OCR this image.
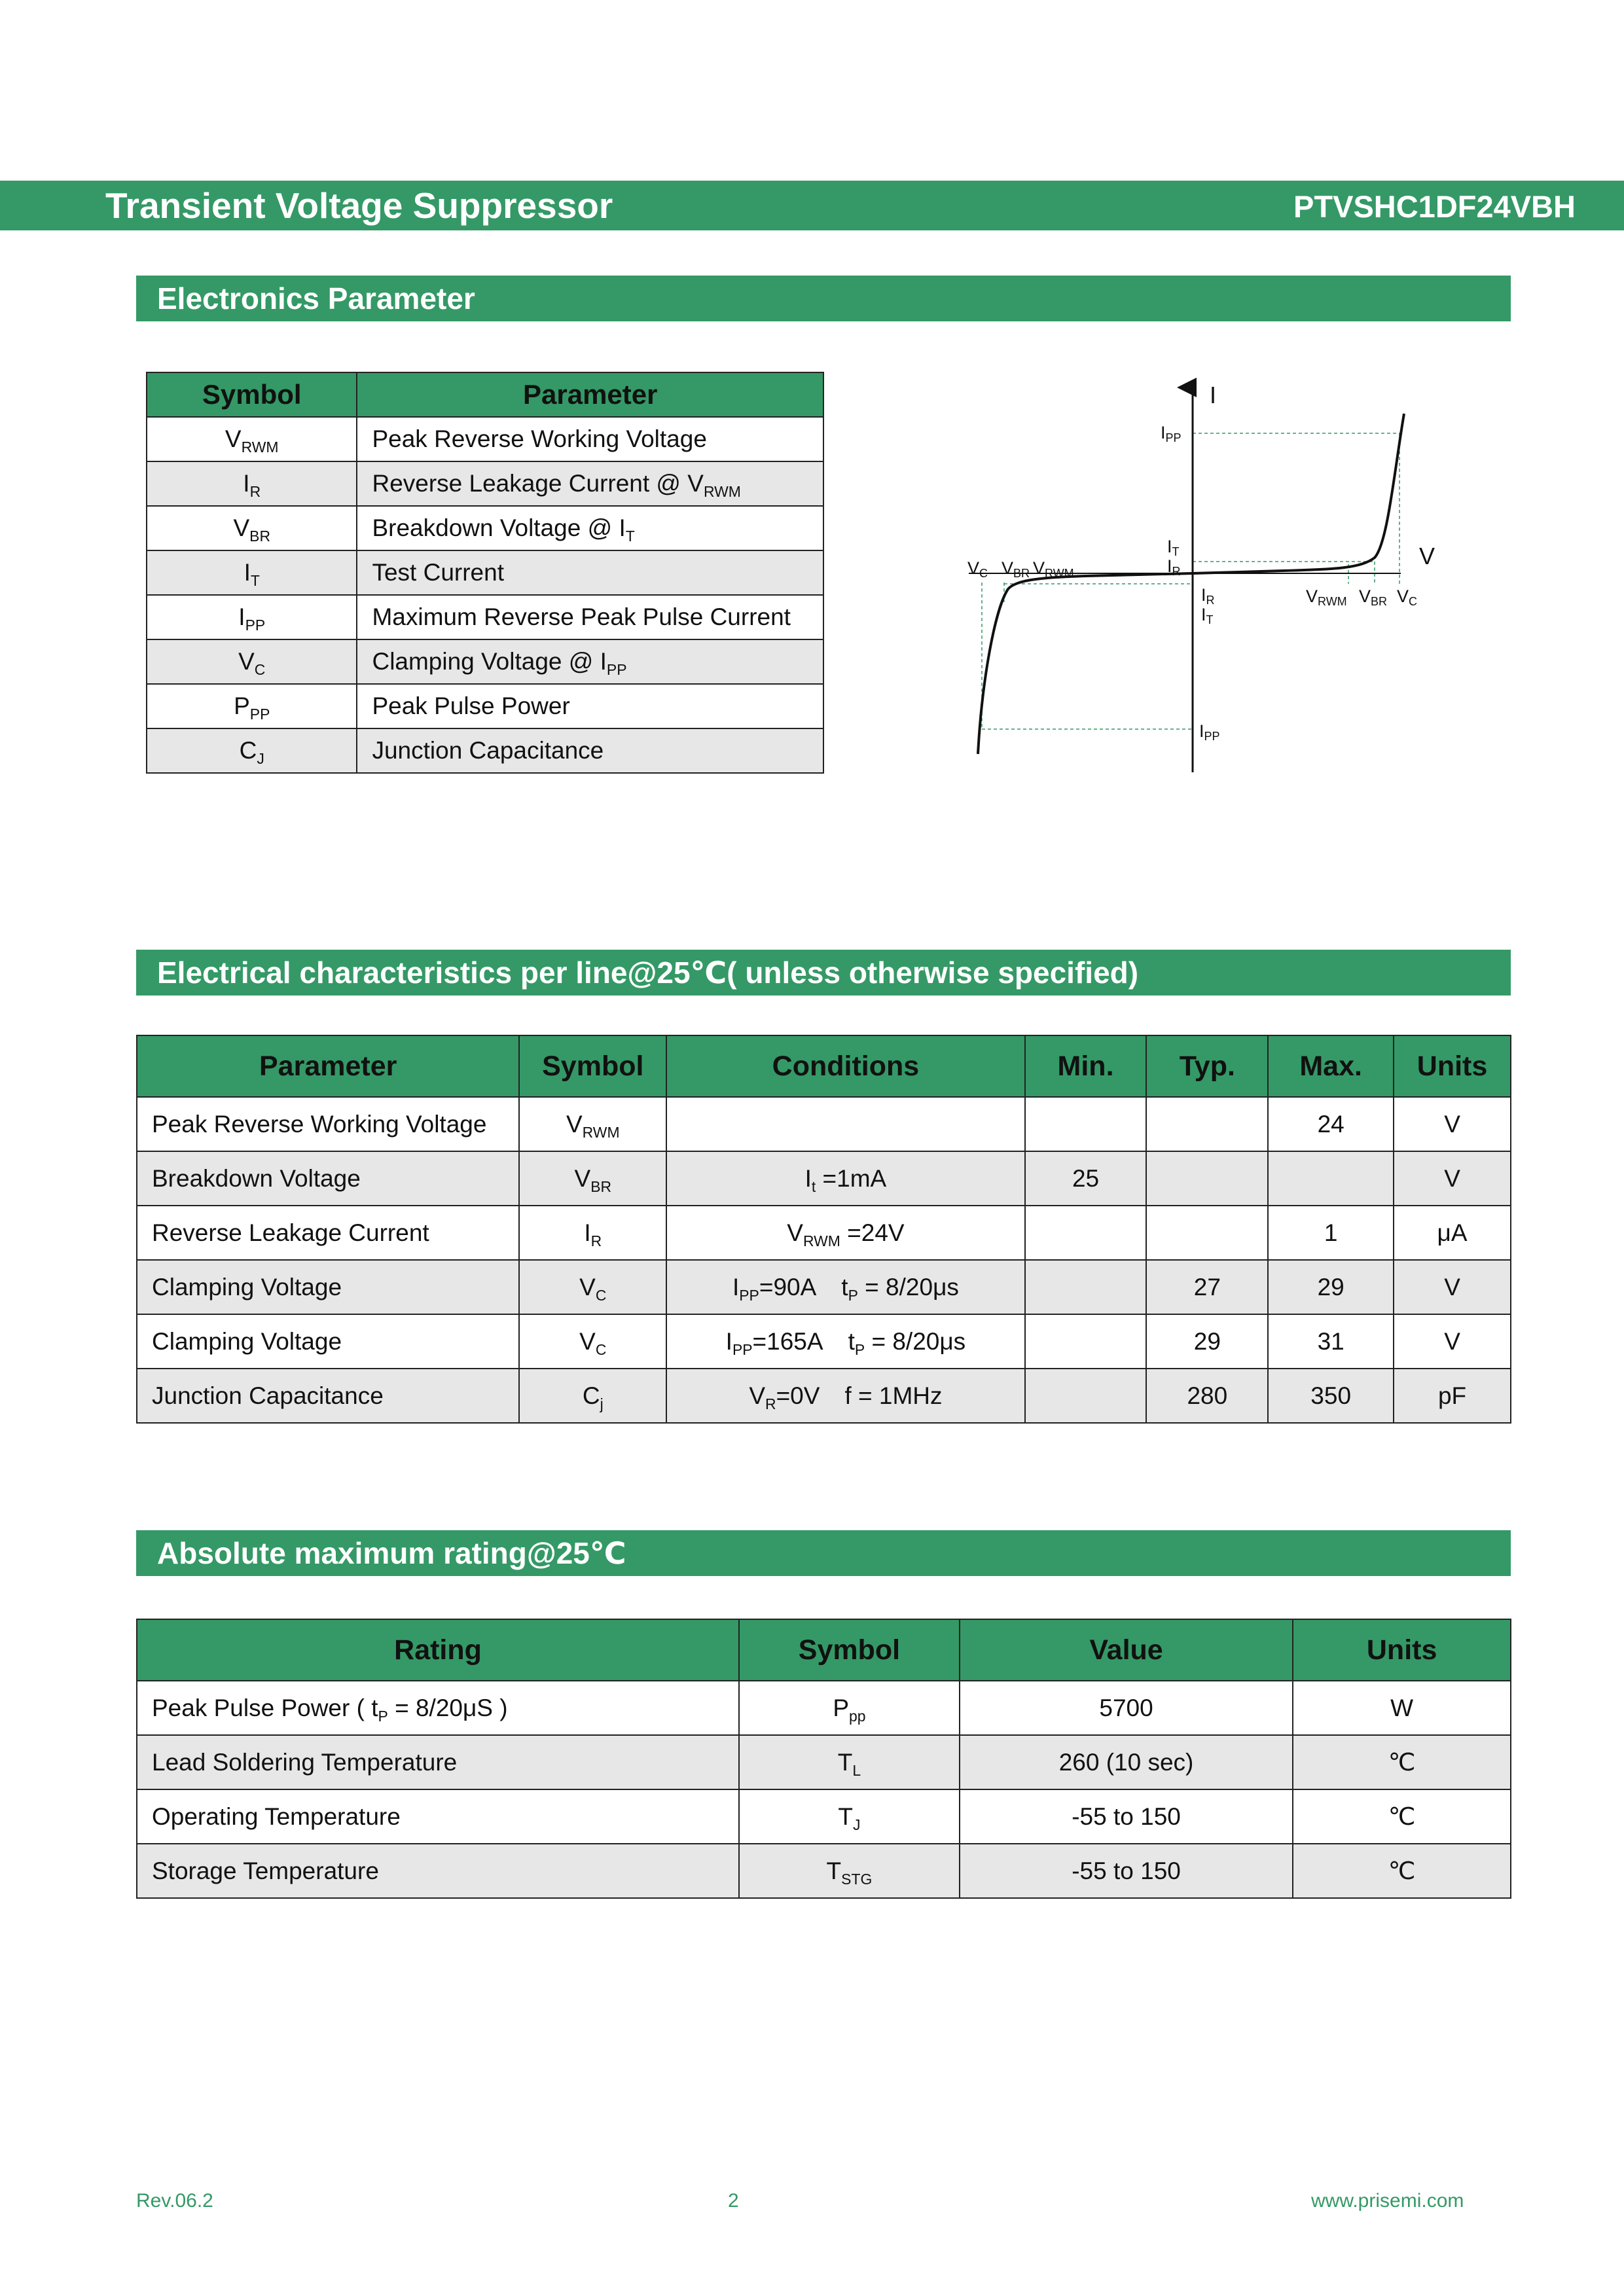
Transient Voltage Suppressor	PTVSHC1DF24VBH
Electronics Parameter
Symbol	Parameter
$V_{RWM}$	Peak Reverse Working Voltage
$I_R$	Reverse Leakage Current @ $V_{RWM}$
$V_{BR}$	Breakdown Voltage @ $I_T$
$I_T$	Test Current
$I_{PP}$	Maximum Reverse Peak Pulse Current
$V_C$	Clamping Voltage @ $I_{PP}$
$P_{PP}$	Peak Pulse Power
$C_J$	Junction Capacitance
I
V
IPP
IT
IR
IR
IT
IPP
VC VBR VRWM
VRWM VBR VC
Electrical characteristics per line@25℃( unless otherwise specified)
Parameter	Symbol	Conditions	Min.	Typ.	Max.	Units
Peak Reverse Working Voltage	$V_{RWM}$				24	V
Breakdown Voltage	$V_{BR}$	$I_t =1mA$	25			V
Reverse Leakage Current	$I_R$	$V_{RWM} =24V$			1	μA
Clamping Voltage	$V_C$	$I_{PP}=90A$ $t_P = 8/20\mu s$		27	29	V
Clamping Voltage	$V_C$	$I_{PP}=165A$ $t_P = 8/20\mu s$		29	31	V
Junction Capacitance	$C_j$	$V_R=0V$ f = 1MHz		280	350	pF
Absolute maximum rating@25℃
Rating	Symbol	Value	Units
Peak Pulse Power ( $t_P = 8/20\mu S$ )	$P_{pp}$	5700	W
Lead Soldering Temperature	$T_L$	260 (10 sec)	℃
Operating Temperature	$T_J$	-55 to 150	℃
Storage Temperature	$T_{STG}$	-55 to 150	℃
Rev.06.2	2	www.prisemi.com
